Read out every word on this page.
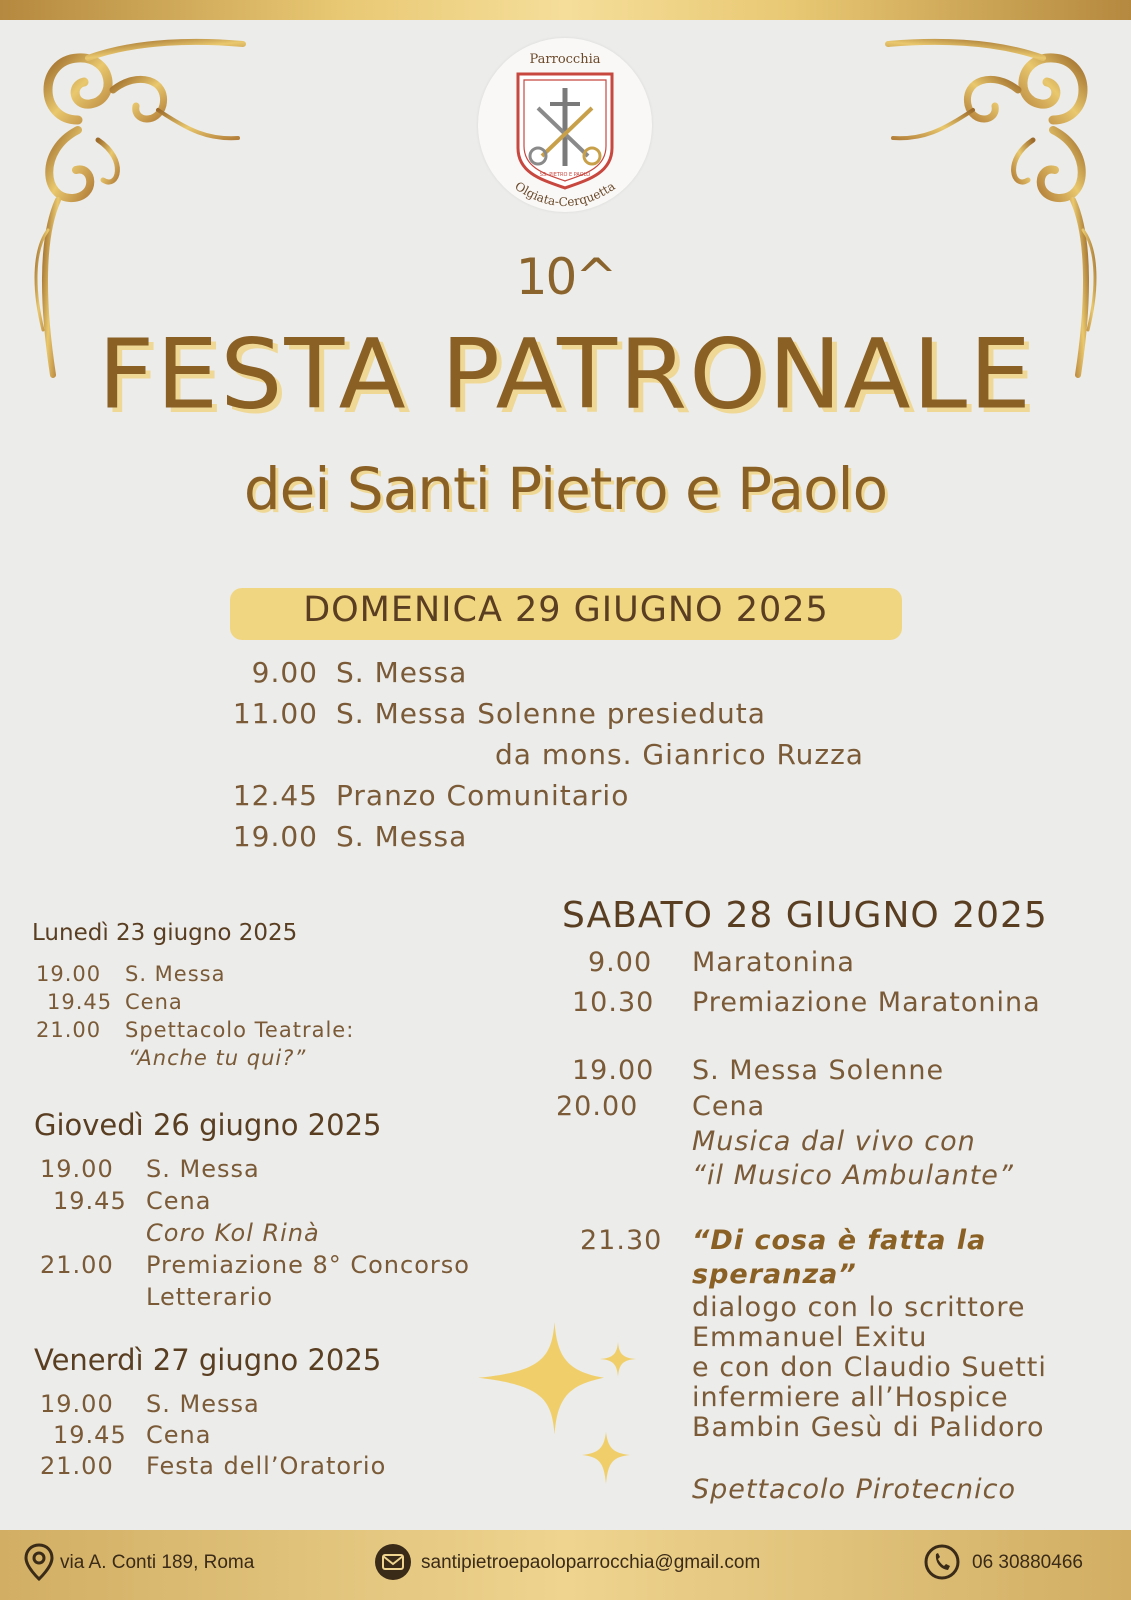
Parrocchia
Olgiata-Cerquetta
SS. PIETRO E PAOLO
10^
FESTA PATRONALE
dei Santi Pietro e Paolo
DOMENICA 29 GIUGNO 2025
9.00 S. Messa
11.00 S. Messa Solenne presieduta
da mons. Gianrico Ruzza
12.45 Pranzo Comunitario
19.00 S. Messa
Lunedì 23 giugno 2025
19.00 S. Messa
19.45 Cena
21.00 Spettacolo Teatrale:
“Anche tu qui?”
Giovedì 26 giugno 2025
19.00 S. Messa
19.45 Cena
Coro Kol Rinà
21.00 Premiazione 8° Concorso
Letterario
Venerdì 27 giugno 2025
19.00 S. Messa
19.45 Cena
21.00 Festa dell’Oratorio
SABATO 28 GIUGNO 2025
9.00 Maratonina
10.30 Premiazione Maratonina
19.00 S. Messa Solenne
20.00 Cena
Musica dal vivo con
“il Musico Ambulante”
21.30 “Di cosa è fatta la
speranza”
dialogo con lo scrittore
Emmanuel Exitu
e con don Claudio Suetti
infermiere all’Hospice
Bambin Gesù di Palidoro
Spettacolo Pirotecnico
via A. Conti 189, Roma	santipietroepaoloparrocchia@gmail.com	06 30880466
